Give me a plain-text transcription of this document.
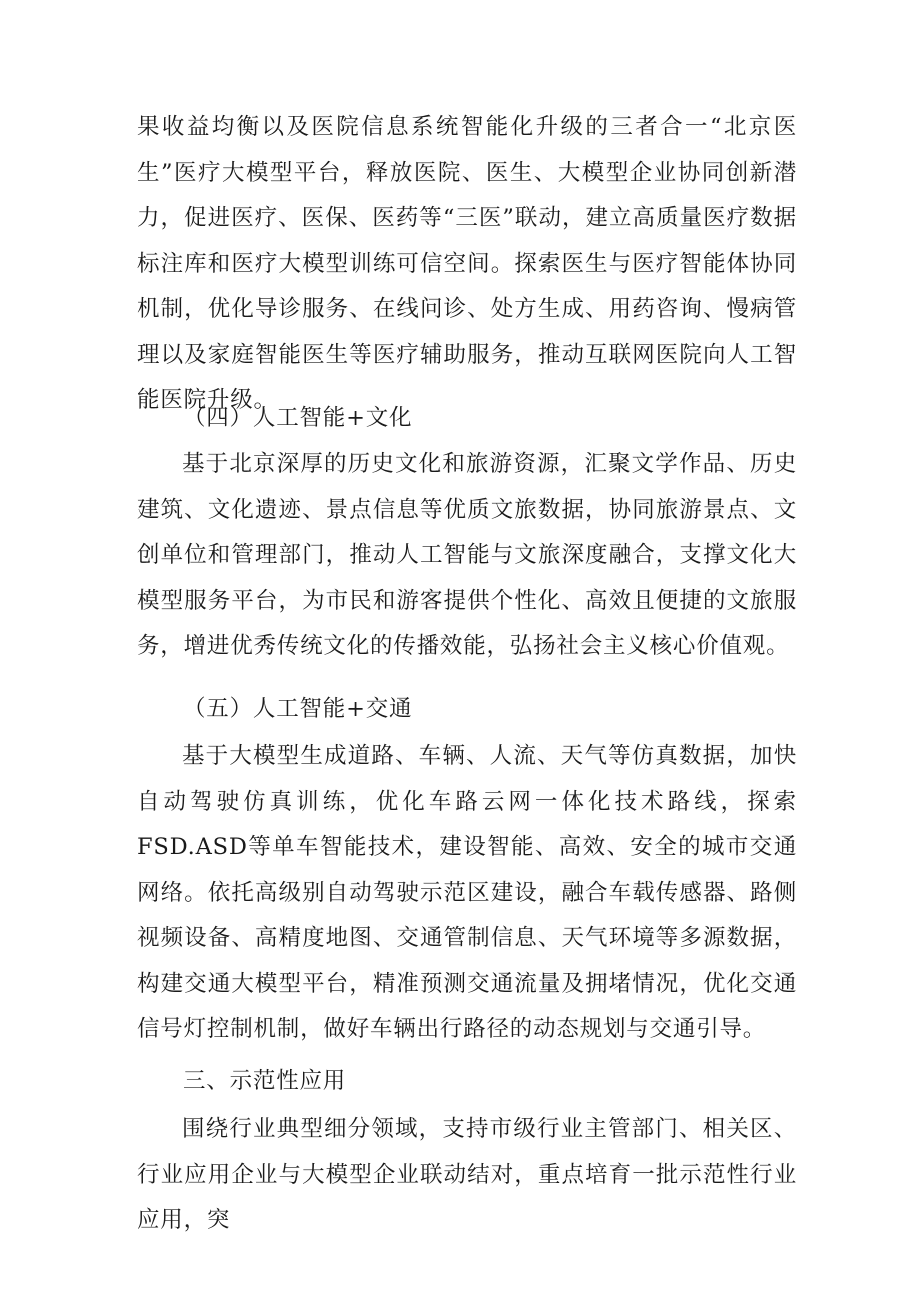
果收益均衡以及医院信息系统智能化升级的三者合一“北京医生”医疗大模型平台，释放医院、医生、大模型企业协同创新潜力，促进医疗、医保、医药等“三医”联动，建立高质量医疗数据标注库和医疗大模型训练可信空间。探索医生与医疗智能体协同机制，优化导诊服务、在线问诊、处方生成、用药咨询、慢病管理以及家庭智能医生等医疗辅助服务，推动互联网医院向人工智能医院升级。

（四）人工智能+文化

基于北京深厚的历史文化和旅游资源，汇聚文学作品、历史建筑、文化遗迹、景点信息等优质文旅数据，协同旅游景点、文创单位和管理部门，推动人工智能与文旅深度融合，支撑文化大模型服务平台，为市民和游客提供个性化、高效且便捷的文旅服务，增进优秀传统文化的传播效能，弘扬社会主义核心价值观。

（五）人工智能+交通

基于大模型生成道路、车辆、人流、天气等仿真数据，加快自动驾驶仿真训练，优化车路云网一体化技术路线，探索FSD.ASD等单车智能技术，建设智能、高效、安全的城市交通网络。依托高级别自动驾驶示范区建设，融合车载传感器、路侧视频设备、高精度地图、交通管制信息、天气环境等多源数据，构建交通大模型平台，精准预测交通流量及拥堵情况，优化交通信号灯控制机制，做好车辆出行路径的动态规划与交通引导。

三、示范性应用

围绕行业典型细分领域，支持市级行业主管部门、相关区、行业应用企业与大模型企业联动结对，重点培育一批示范性行业应用，突
